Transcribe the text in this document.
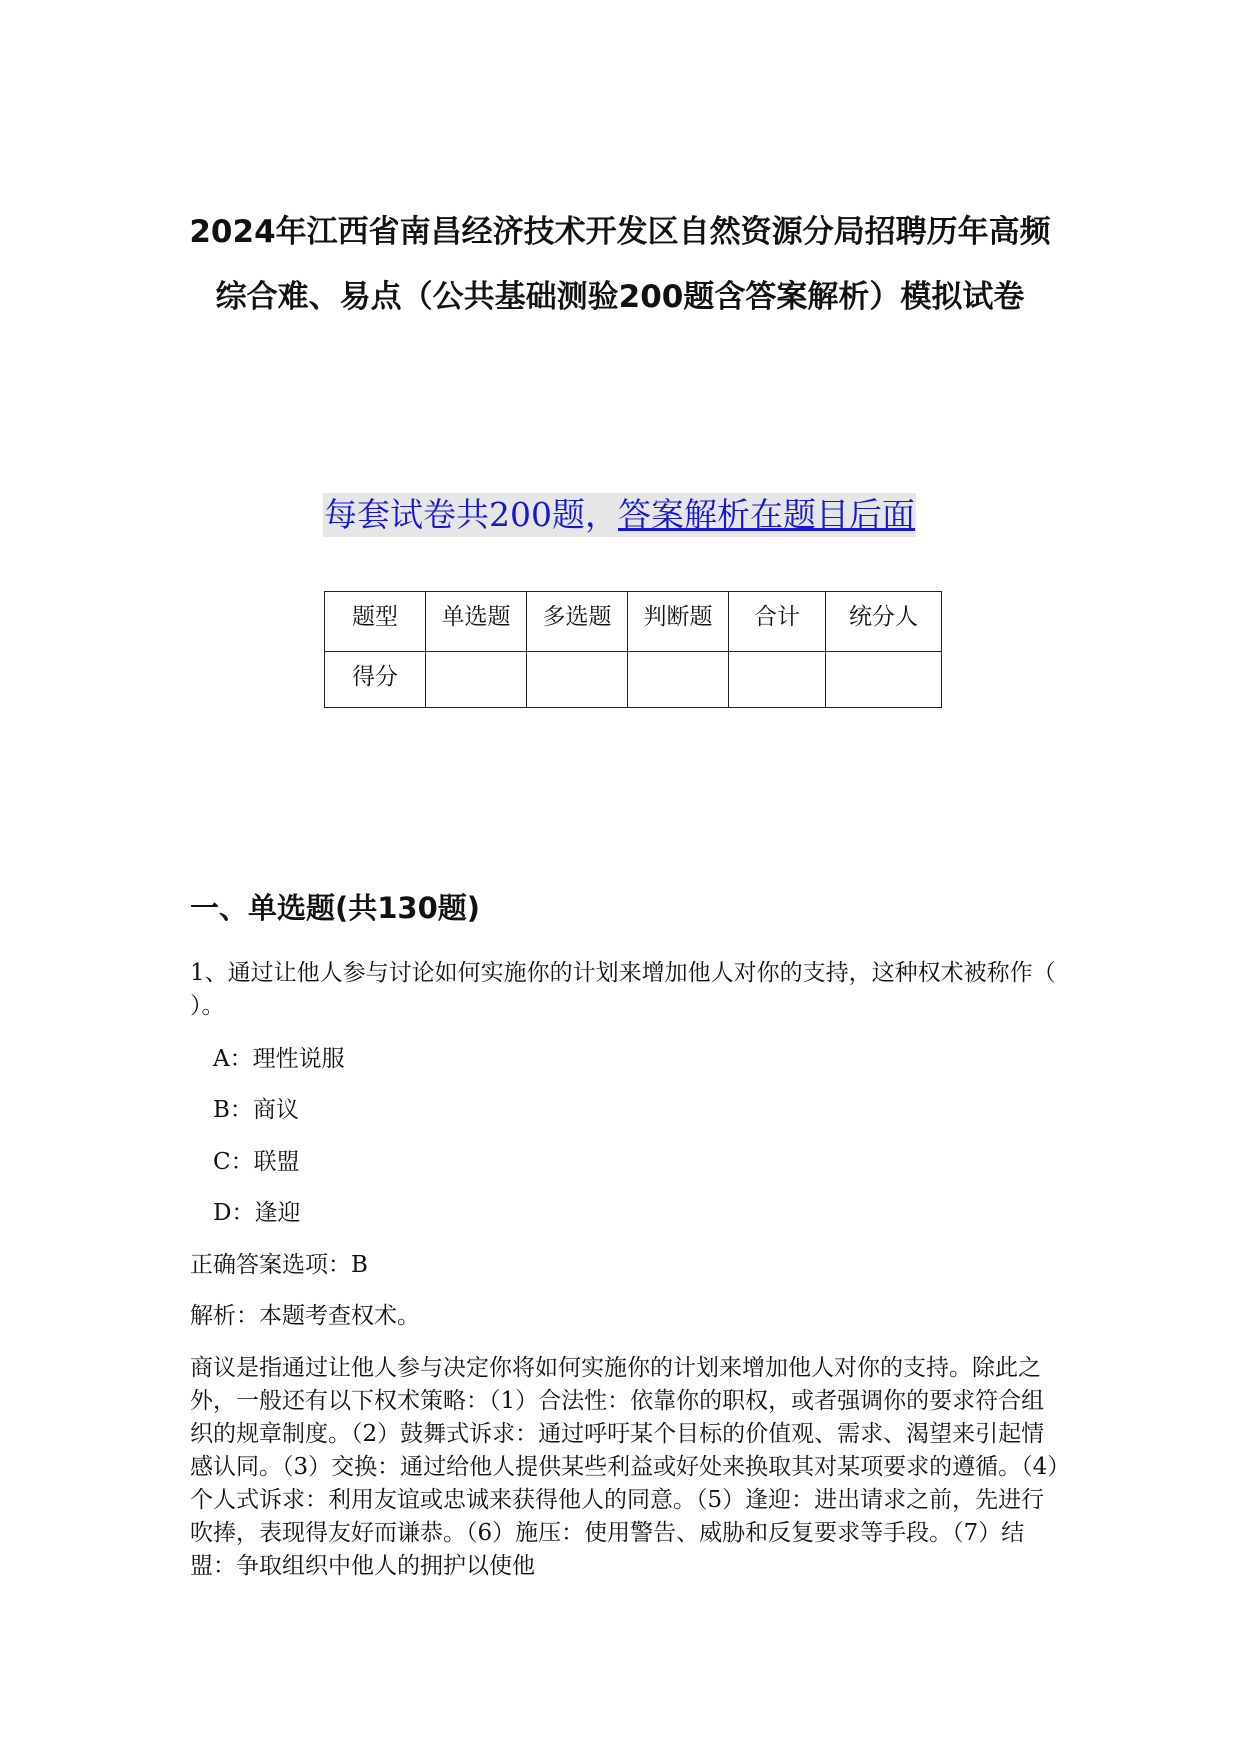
2024年江西省南昌经济技术开发区自然资源分局招聘历年高频综合难、易点（公共基础测验200题含答案解析）模拟试卷
每套试卷共200题，答案解析在题目后面
题型	单选题	多选题	判断题	合计	统分人
得分					
一、单选题(共130题)
1、通过让他人参与讨论如何实施你的计划来增加他人对你的支持，这种权术被称作（ ）。
A：理性说服
B：商议
C：联盟
D：逢迎
正确答案选项：B
解析：本题考查权术。
商议是指通过让他人参与决定你将如何实施你的计划来增加他人对你的支持。除此之外，一般还有以下权术策略：（1）合法性：依靠你的职权，或者强调你的要求符合组织的规章制度。（2）鼓舞式诉求：通过呼吁某个目标的价值观、需求、渴望来引起情感认同。（3）交换：通过给他人提供某些利益或好处来换取其对某项要求的遵循。（4）个人式诉求：利用友谊或忠诚来获得他人的同意。（5）逢迎：进出请求之前，先进行吹捧，表现得友好而谦恭。（6）施压：使用警告、威胁和反复要求等手段。（7）结盟：争取组织中他人的拥护以使他
